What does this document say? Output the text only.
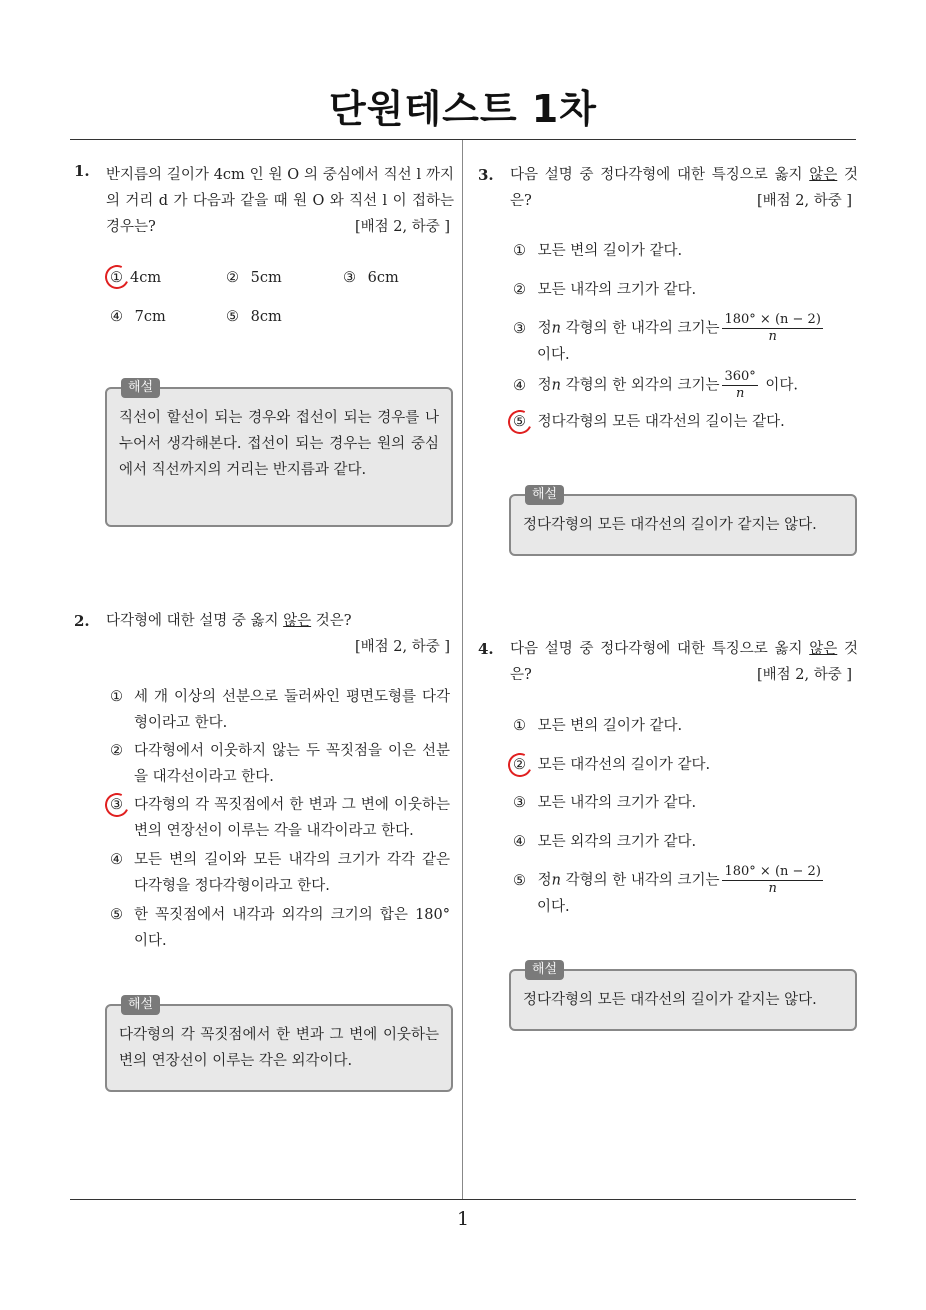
단원테스트 1차
1. 반지름의 길이가 4cm 인 원 O 의 중심에서 직선 l 까지의 거리 d 가 다음과 같을 때 원 O 와 직선 l 이 접하는 경우는?	[배점 2, 하중 ]
① 4cm	② 5cm	③ 6cm
④ 7cm	⑤ 8cm
해설
직선이 할선이 되는 경우와 접선이 되는 경우를 나누어서 생각해본다. 접선이 되는 경우는 원의 중심에서 직선까지의 거리는 반지름과 같다.
2. 다각형에 대한 설명 중 옳지 않은 것은?
[배점 2, 하중 ]
① 세 개 이상의 선분으로 둘러싸인 평면도형를 다각형이라고 한다.
② 다각형에서 이웃하지 않는 두 꼭짓점을 이은 선분을 대각선이라고 한다.
③ 다각형의 각 꼭짓점에서 한 변과 그 변에 이웃하는 변의 연장선이 이루는 각을 내각이라고 한다.
④ 모든 변의 길이와 모든 내각의 크기가 각각 같은 다각형을 정다각형이라고 한다.
⑤ 한 꼭짓점에서 내각과 외각의 크기의 합은 180° 이다.
해설
다각형의 각 꼭짓점에서 한 변과 그 변에 이웃하는 변의 연장선이 이루는 각은 외각이다.
3. 다음 설명 중 정다각형에 대한 특징으로 옳지 않은 것은?	[배점 2, 하중 ]
① 모든 변의 길이가 같다.
② 모든 내각의 크기가 같다.
③ 정n 각형의 한 내각의 크기는 $\frac{180^\circ \times (n - 2)}{n}$
이다.
④ 정n 각형의 한 외각의 크기는 $\frac{360^\circ}{n}$ 이다.
⑤ 정다각형의 모든 대각선의 길이는 같다.
해설
정다각형의 모든 대각선의 길이가 같지는 않다.
4. 다음 설명 중 정다각형에 대한 특징으로 옳지 않은 것은?	[배점 2, 하중 ]
① 모든 변의 길이가 같다.
② 모든 대각선의 길이가 같다.
③ 모든 내각의 크기가 같다.
④ 모든 외각의 크기가 같다.
⑤ 정n 각형의 한 내각의 크기는 $\frac{180^\circ \times (n - 2)}{n}$
이다.
해설
정다각형의 모든 대각선의 길이가 같지는 않다.
1
